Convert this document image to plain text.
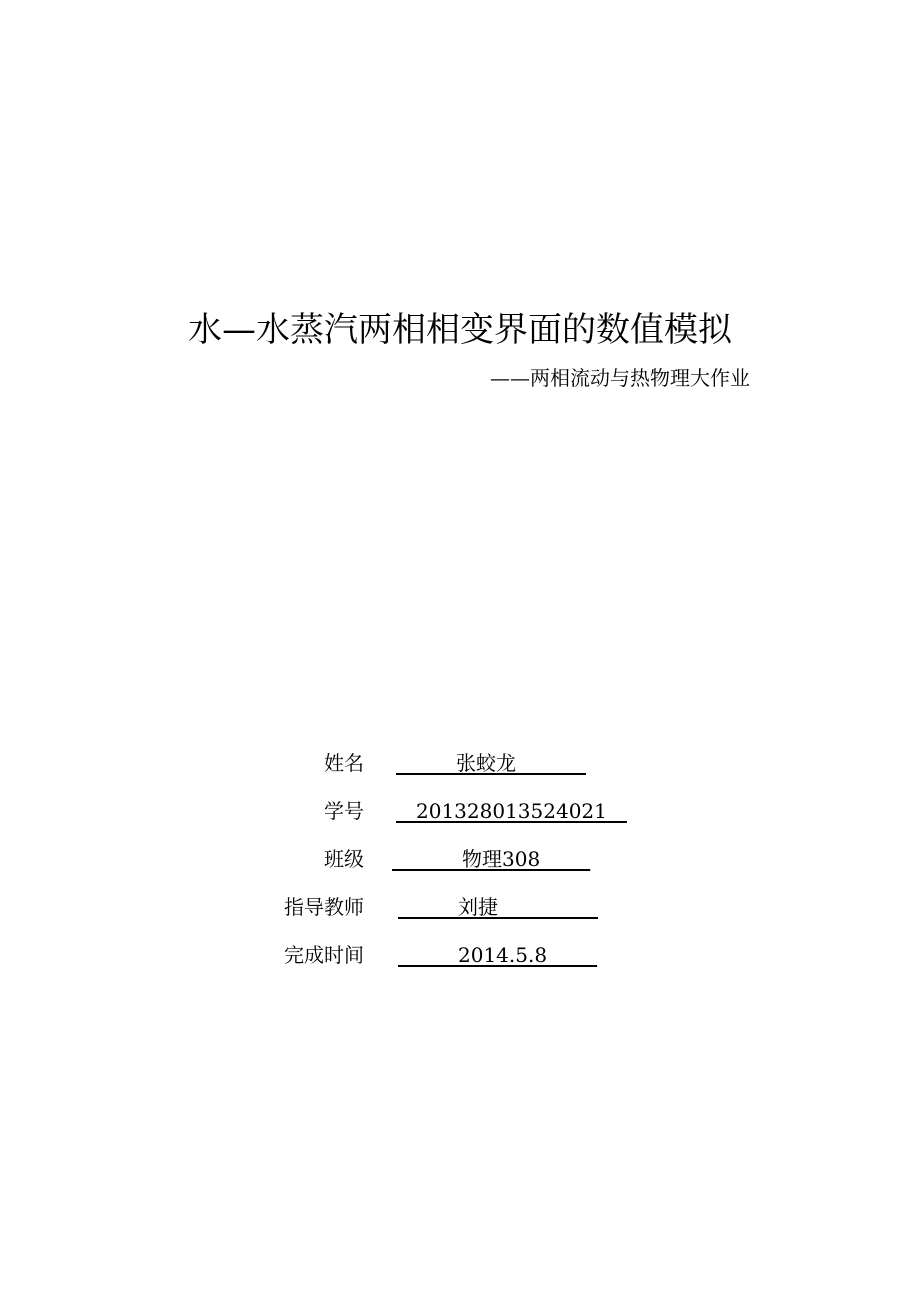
水—水蒸汽两相相变界面的数值模拟
——两相流动与热物理大作业
姓名 ______张蛟龙_______
学号 __201328013524021__
班级 _______物理308_____
指导教师 ______刘捷__________
完成时间 ______2014.5.8_____
